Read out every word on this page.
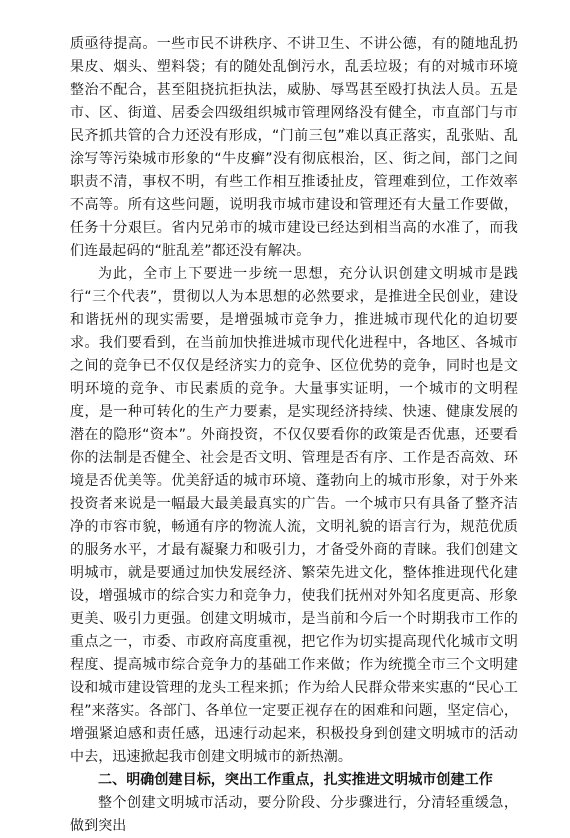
质亟待提高。一些市民不讲秩序、不讲卫生、不讲公德，有的随地乱扔果皮、烟头、塑料袋；有的随处乱倒污水，乱丢垃圾；有的对城市环境整治不配合，甚至阻挠抗拒执法，威胁、辱骂甚至殴打执法人员。五是市、区、街道、居委会四级组织城市管理网络没有健全，市直部门与市民齐抓共管的合力还没有形成，“门前三包”难以真正落实，乱张贴、乱涂写等污染城市形象的“牛皮癣”没有彻底根治，区、街之间，部门之间职责不清，事权不明，有些工作相互推诿扯皮，管理难到位，工作效率不高等。所有这些问题，说明我市城市建设和管理还有大量工作要做，任务十分艰巨。省内兄弟市的城市建设已经达到相当高的水准了，而我们连最起码的“脏乱差”都还没有解决。

为此，全市上下要进一步统一思想，充分认识创建文明城市是践行“三个代表”，贯彻以人为本思想的必然要求，是推进全民创业，建设和谐抚州的现实需要，是增强城市竞争力，推进城市现代化的迫切要求。我们要看到，在当前加快推进城市现代化进程中，各地区、各城市之间的竞争已不仅仅是经济实力的竞争、区位优势的竞争，同时也是文明环境的竞争、市民素质的竞争。大量事实证明，一个城市的文明程度，是一种可转化的生产力要素，是实现经济持续、快速、健康发展的潜在的隐形“资本”。外商投资，不仅仅要看你的政策是否优惠，还要看你的法制是否健全、社会是否文明、管理是否有序、工作是否高效、环境是否优美等。优美舒适的城市环境、蓬勃向上的城市形象，对于外来投资者来说是一幅最大最美最真实的广告。一个城市只有具备了整齐洁净的市容市貌，畅通有序的物流人流，文明礼貌的语言行为，规范优质的服务水平，才最有凝聚力和吸引力，才备受外商的青睐。我们创建文明城市，就是要通过加快发展经济、繁荣先进文化，整体推进现代化建设，增强城市的综合实力和竞争力，使我们抚州对外知名度更高、形象更美、吸引力更强。创建文明城市，是当前和今后一个时期我市工作的重点之一，市委、市政府高度重视，把它作为切实提高现代化城市文明程度、提高城市综合竞争力的基础工作来做；作为统揽全市三个文明建设和城市建设管理的龙头工程来抓；作为给人民群众带来实惠的“民心工程”来落实。各部门、各单位一定要正视存在的困难和问题，坚定信心，增强紧迫感和责任感，迅速行动起来，积极投身到创建文明城市的活动中去，迅速掀起我市创建文明城市的新热潮。

二、明确创建目标，突出工作重点，扎实推进文明城市创建工作

整个创建文明城市活动，要分阶段、分步骤进行，分清轻重缓急，做到突出
